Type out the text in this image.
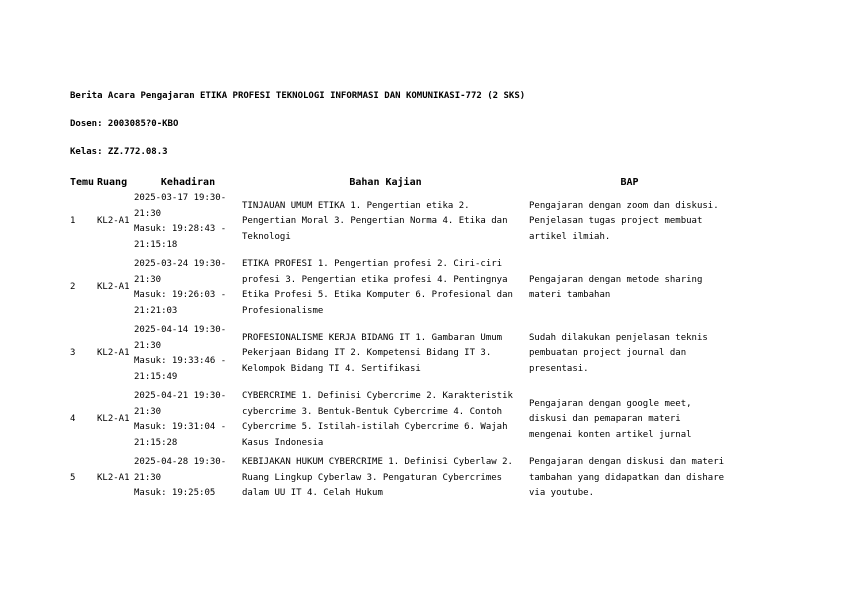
Berita Acara Pengajaran ETIKA PROFESI TEKNOLOGI INFORMASI DAN KOMUNIKASI-772 (2 SKS)
Dosen: 2003085?0-KBO
Kelas: ZZ.772.08.3
Temu	Ruang	Kehadiran	Bahan Kajian	BAP
1	KL2-A1	2025-03-17 19:30-
21:30
Masuk: 19:28:43 -
21:15:18	TINJAUAN UMUM ETIKA 1. Pengertian etika 2. Pengertian Moral 3. Pengertian Norma 4. Etika dan Teknologi	Pengajaran dengan zoom dan diskusi. Penjelasan tugas project membuat artikel ilmiah.
2	KL2-A1	2025-03-24 19:30-
21:30
Masuk: 19:26:03 -
21:21:03	ETIKA PROFESI 1. Pengertian profesi 2. Ciri-ciri profesi 3. Pengertian etika profesi 4. Pentingnya Etika Profesi 5. Etika Komputer 6. Profesional dan Profesionalisme	Pengajaran dengan metode sharing materi tambahan
3	KL2-A1	2025-04-14 19:30-
21:30
Masuk: 19:33:46 -
21:15:49	PROFESIONALISME KERJA BIDANG IT 1. Gambaran Umum Pekerjaan Bidang IT 2. Kompetensi Bidang IT 3. Kelompok Bidang TI 4. Sertifikasi	Sudah dilakukan penjelasan teknis pembuatan project journal dan presentasi.
4	KL2-A1	2025-04-21 19:30-
21:30
Masuk: 19:31:04 -
21:15:28	CYBERCRIME 1. Definisi Cybercrime 2. Karakteristik cybercrime 3. Bentuk-Bentuk Cybercrime 4. Contoh Cybercrime 5. Istilah-istilah Cybercrime 6. Wajah Kasus Indonesia	Pengajaran dengan google meet, diskusi dan pemaparan materi mengenai konten artikel jurnal
5	KL2-A1	2025-04-28 19:30-
21:30
Masuk: 19:25:05	KEBIJAKAN HUKUM CYBERCRIME 1. Definisi Cyberlaw 2. Ruang Lingkup Cyberlaw 3. Pengaturan Cybercrimes dalam UU IT 4. Celah Hukum	Pengajaran dengan diskusi dan materi tambahan yang didapatkan dan dishare via youtube.
